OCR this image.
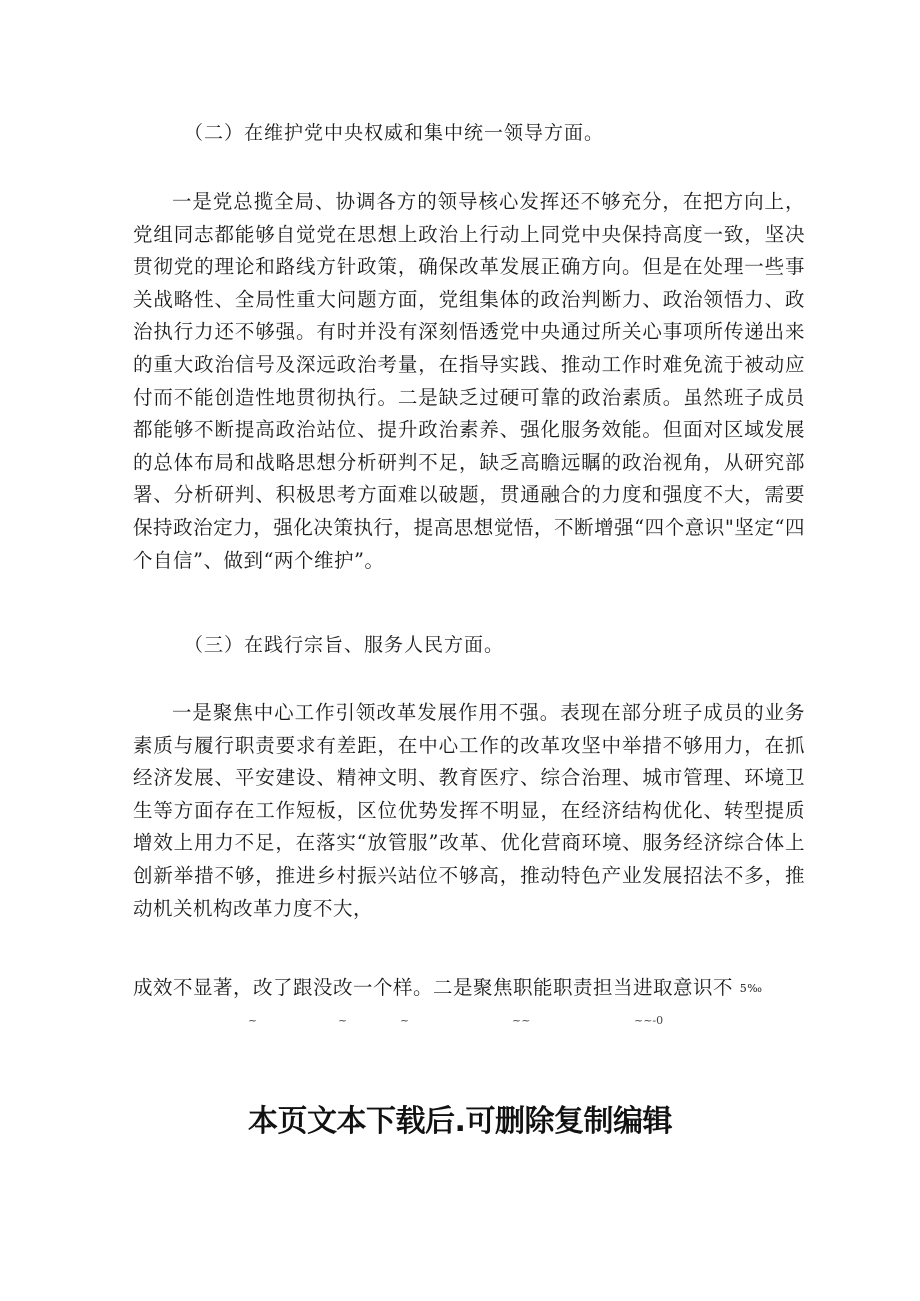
（二）在维护党中央权威和集中统一领导方面。

一是党总揽全局、协调各方的领导核心发挥还不够充分，在把方向上，党组同志都能够自觉党在思想上政治上行动上同党中央保持高度一致，坚决贯彻党的理论和路线方针政策，确保改革发展正确方向。但是在处理一些事关战略性、全局性重大问题方面，党组集体的政治判断力、政治领悟力、政治执行力还不够强。有时并没有深刻悟透党中央通过所关心事项所传递出来的重大政治信号及深远政治考量，在指导实践、推动工作时难免流于被动应付而不能创造性地贯彻执行。二是缺乏过硬可靠的政治素质。虽然班子成员都能够不断提高政治站位、提升政治素养、强化服务效能。但面对区域发展的总体布局和战略思想分析研判不足，缺乏高瞻远瞩的政治视角，从研究部署、分析研判、积极思考方面难以破题，贯通融合的力度和强度不大，需要保持政治定力，强化决策执行，提高思想觉悟，不断增强“四个意识"坚定“四个自信”、做到“两个维护”。

（三）在践行宗旨、服务人民方面。

一是聚焦中心工作引领改革发展作用不强。表现在部分班子成员的业务素质与履行职责要求有差距，在中心工作的改革攻坚中举措不够用力，在抓经济发展、平安建设、精神文明、教育医疗、综合治理、城市管理、环境卫生等方面存在工作短板，区位优势发挥不明显，在经济结构优化、转型提质增效上用力不足，在落实“放管服”改革、优化营商环境、服务经济综合体上创新举措不够，推进乡村振兴站位不够高，推动特色产业发展招法不多，推动机关机构改革力度不大，

成效不显著，改了跟没改一个样。二是聚焦职能职责担当进取意识不 5‰

~	~	~	~~	~~-0

本页文本下载后.可删除复制编辑
